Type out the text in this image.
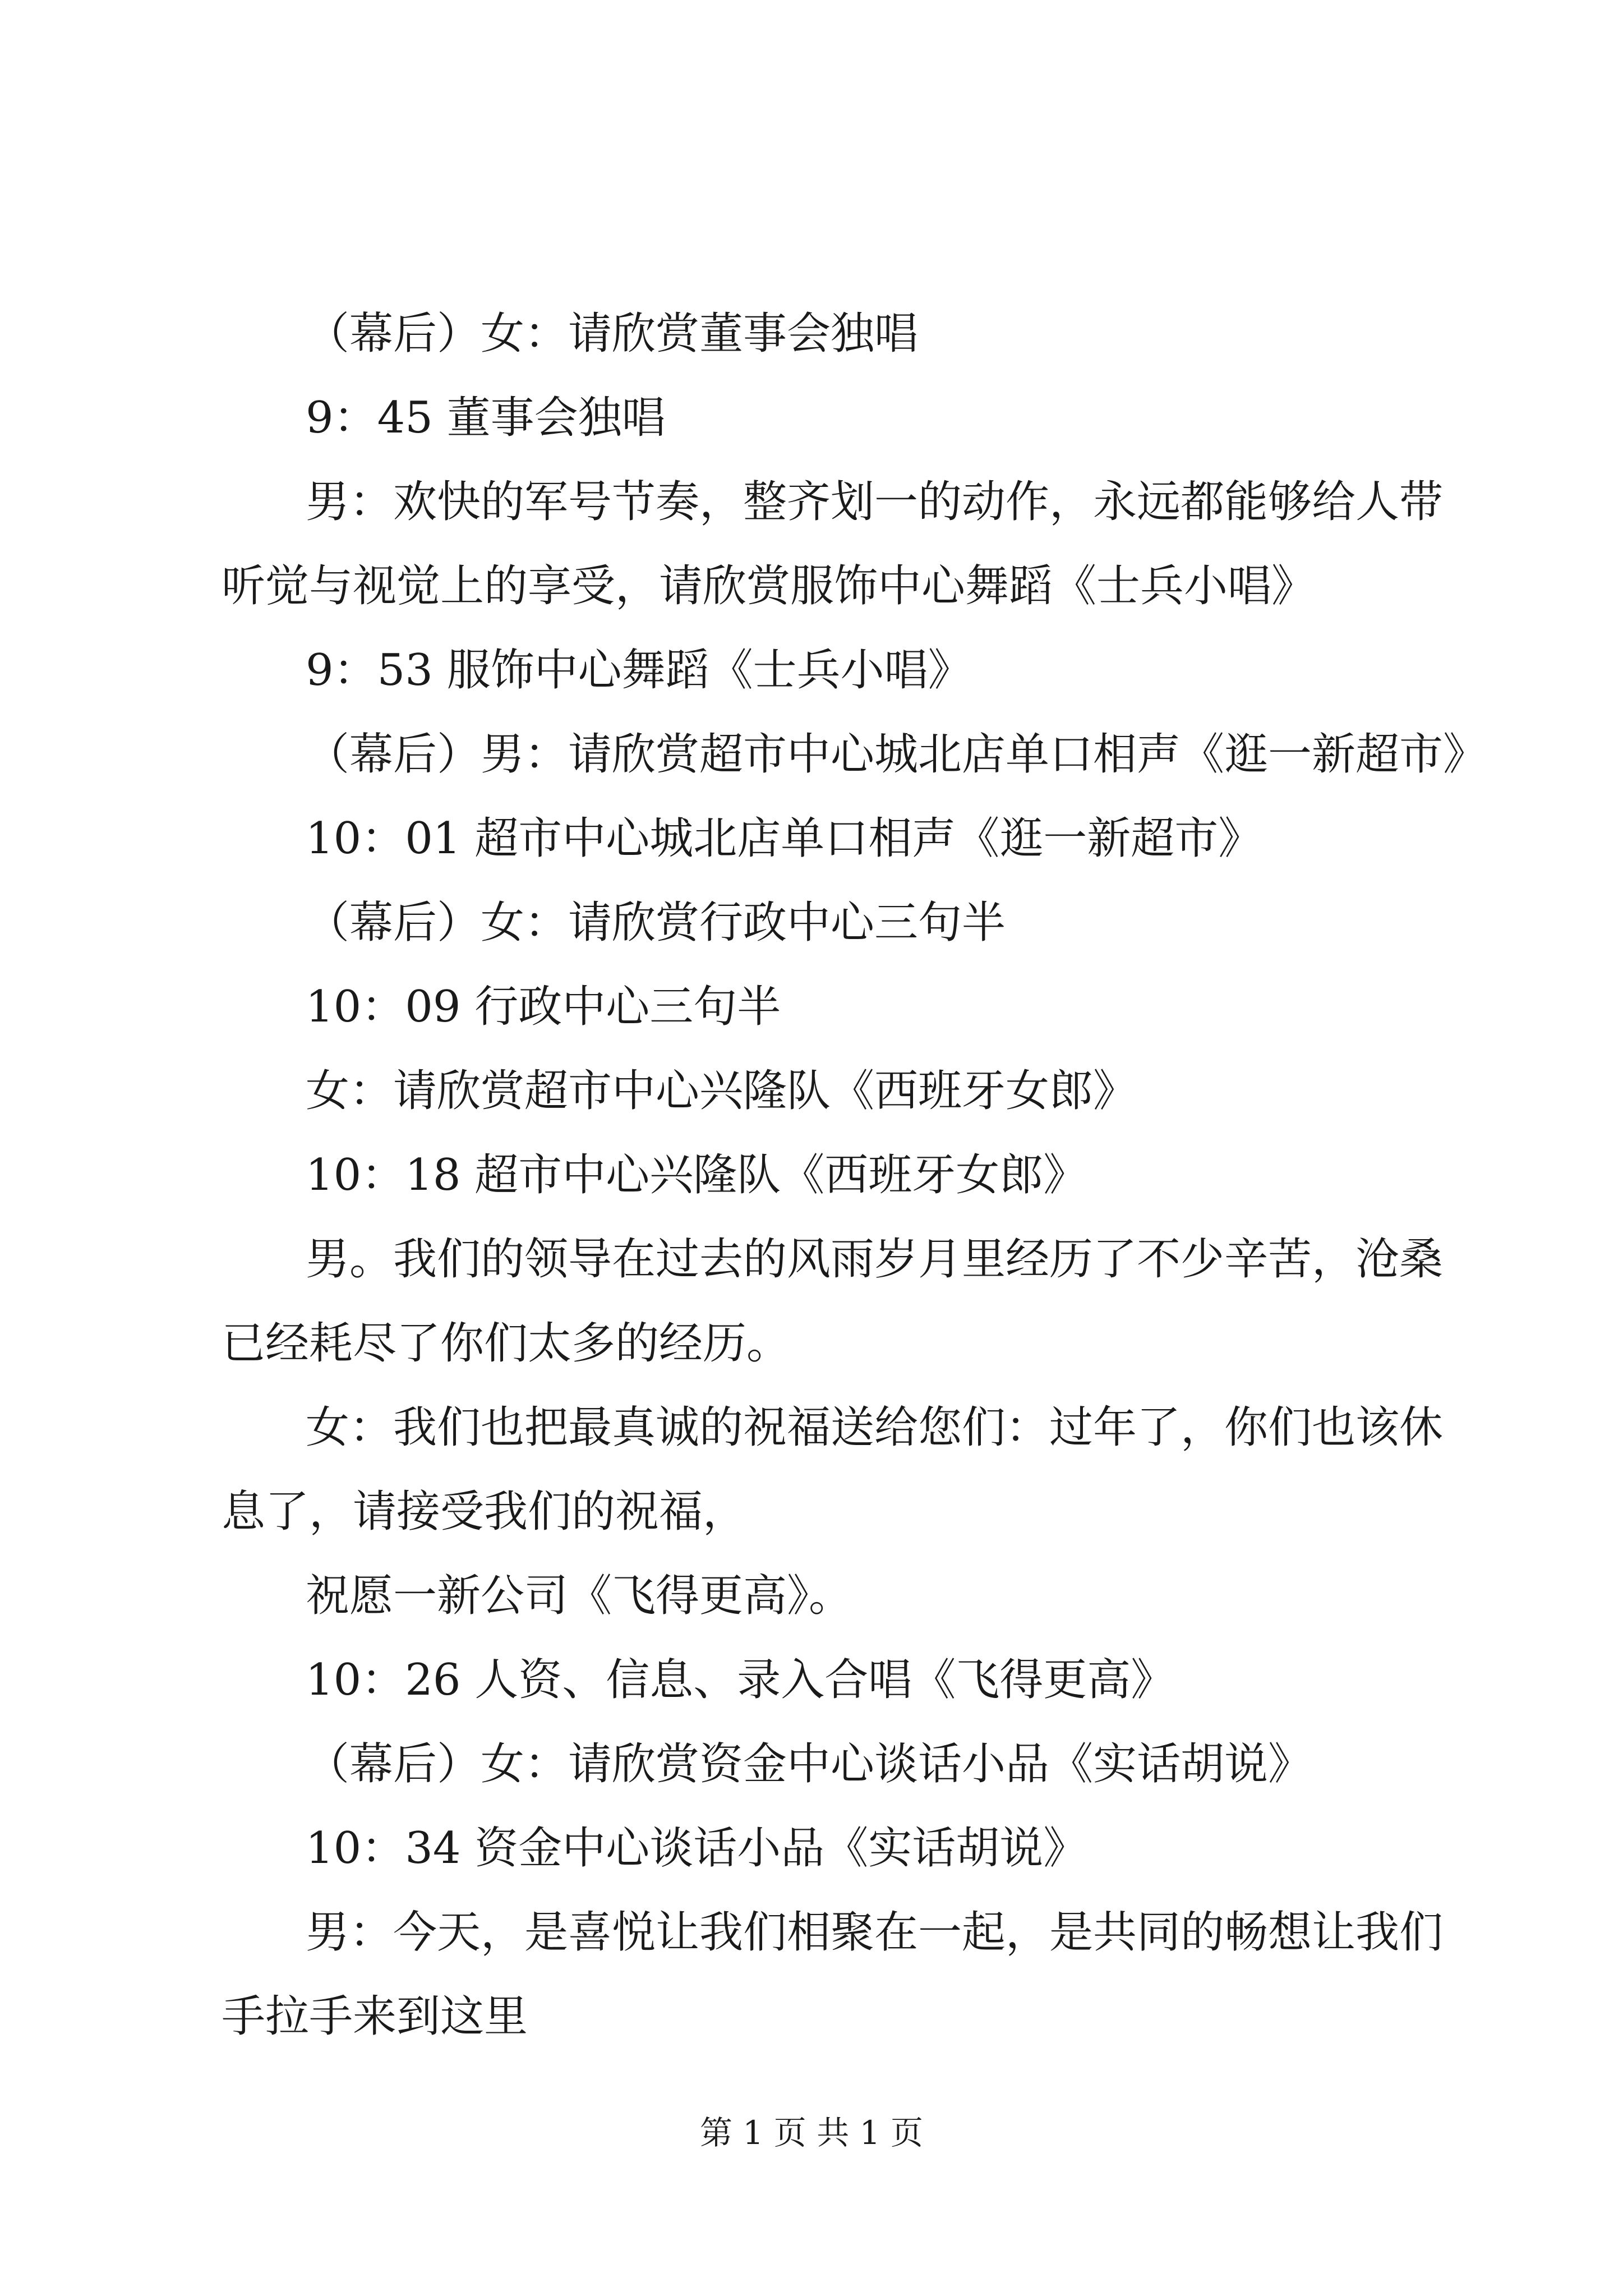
（幕后）女：请欣赏董事会独唱

9：45 董事会独唱

男：欢快的军号节奏，整齐划一的动作，永远都能够给人带

听觉与视觉上的享受，请欣赏服饰中心舞蹈《士兵小唱》

9：53 服饰中心舞蹈《士兵小唱》

（幕后）男：请欣赏超市中心城北店单口相声《逛一新超市》

10：01 超市中心城北店单口相声《逛一新超市》

（幕后）女：请欣赏行政中心三句半

10：09 行政中心三句半

女：请欣赏超市中心兴隆队《西班牙女郎》

10：18 超市中心兴隆队《西班牙女郎》

男。我们的领导在过去的风雨岁月里经历了不少辛苦，沧桑

已经耗尽了你们太多的经历。

女：我们也把最真诚的祝福送给您们：过年了，你们也该休

息了，请接受我们的祝福，

祝愿一新公司《飞得更高》。

10：26 人资、信息、录入合唱《飞得更高》

（幕后）女：请欣赏资金中心谈话小品《实话胡说》

10：34 资金中心谈话小品《实话胡说》

男：今天，是喜悦让我们相聚在一起，是共同的畅想让我们

手拉手来到这里

第 1 页 共 1 页
